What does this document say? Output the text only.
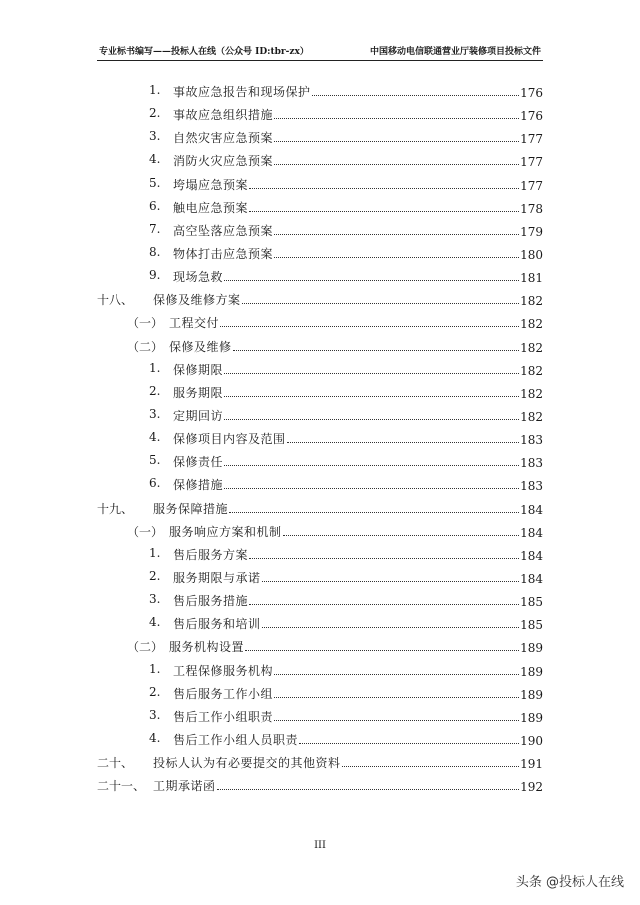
专业标书编写——投标人在线（公众号 ID:tbr-zx）	中国移动电信联通营业厅装修项目投标文件
1. 事故应急报告和现场保护	176
2. 事故应急组织措施	176
3. 自然灾害应急预案	177
4. 消防火灾应急预案	177
5. 垮塌应急预案	177
6. 触电应急预案	178
7. 高空坠落应急预案	179
8. 物体打击应急预案	180
9. 现场急救	181
十八、 保修及维修方案	182
（一） 工程交付	182
（二） 保修及维修	182
1. 保修期限	182
2. 服务期限	182
3. 定期回访	182
4. 保修项目内容及范围	183
5. 保修责任	183
6. 保修措施	183
十九、 服务保障措施	184
（一） 服务响应方案和机制	184
1. 售后服务方案	184
2. 服务期限与承诺	184
3. 售后服务措施	185
4. 售后服务和培训	185
（二） 服务机构设置	189
1. 工程保修服务机构	189
2. 售后服务工作小组	189
3. 售后工作小组职责	189
4. 售后工作小组人员职责	190
二十、 投标人认为有必要提交的其他资料	191
二十一、 工期承诺函	192
III
头条 @投标人在线
